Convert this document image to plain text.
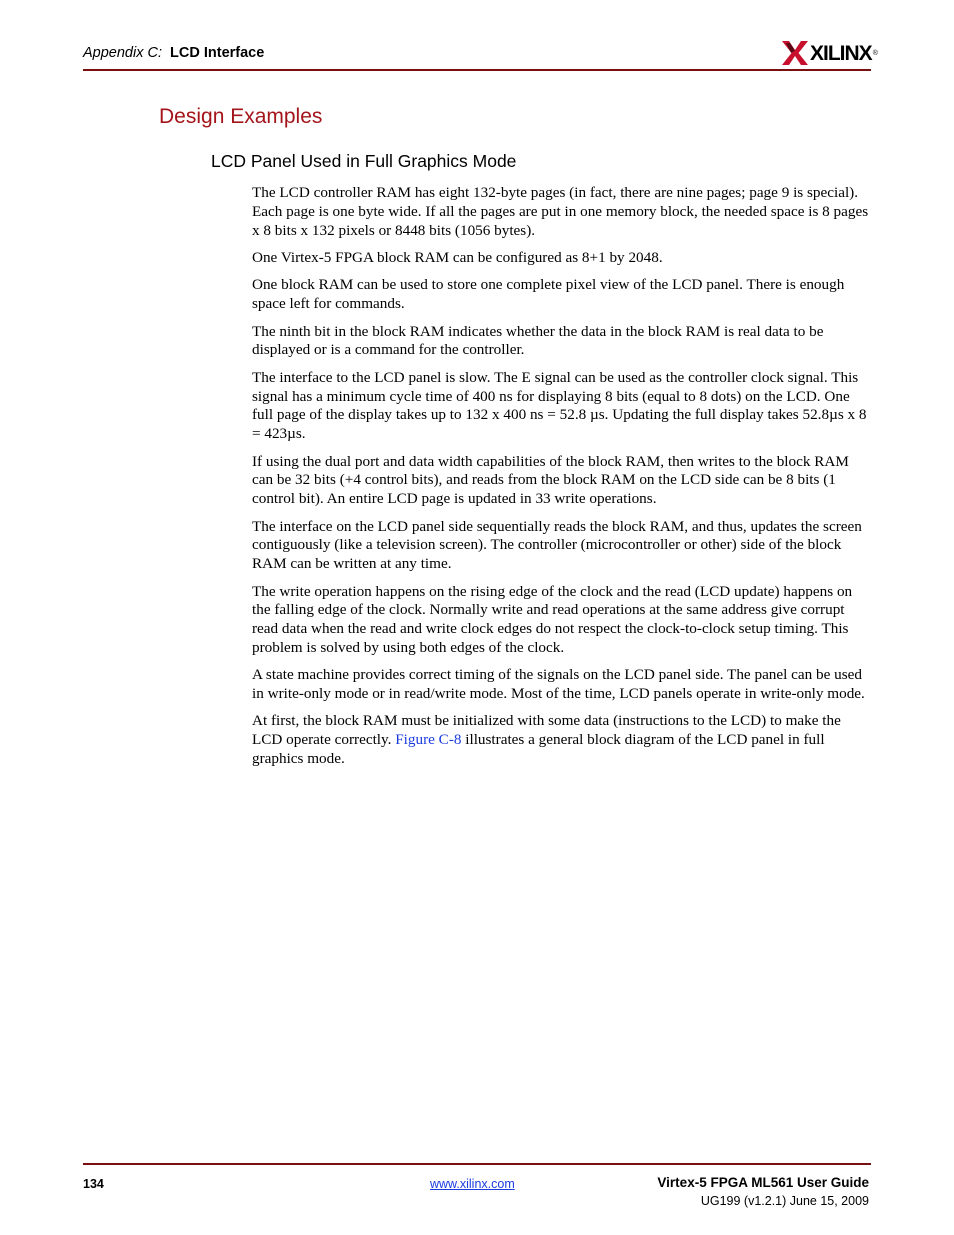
Appendix C: LCD Interface	XILINX ®
Design Examples
LCD Panel Used in Full Graphics Mode

The LCD controller RAM has eight 132-byte pages (in fact, there are nine pages; page 9 is special). Each page is one byte wide. If all the pages are put in one memory block, the needed space is 8 pages x 8 bits x 132 pixels or 8448 bits (1056 bytes).

One Virtex-5 FPGA block RAM can be configured as 8+1 by 2048.

One block RAM can be used to store one complete pixel view of the LCD panel. There is enough space left for commands.

The ninth bit in the block RAM indicates whether the data in the block RAM is real data to be displayed or is a command for the controller.

The interface to the LCD panel is slow. The E signal can be used as the controller clock signal. This signal has a minimum cycle time of 400 ns for displaying 8 bits (equal to 8 dots) on the LCD. One full page of the display takes up to 132 x 400 ns = 52.8 µs. Updating the full display takes 52.8µs x 8 = 423µs.

If using the dual port and data width capabilities of the block RAM, then writes to the block RAM can be 32 bits (+4 control bits), and reads from the block RAM on the LCD side can be 8 bits (1 control bit). An entire LCD page is updated in 33 write operations.

The interface on the LCD panel side sequentially reads the block RAM, and thus, updates the screen contiguously (like a television screen). The controller (microcontroller or other) side of the block RAM can be written at any time.

The write operation happens on the rising edge of the clock and the read (LCD update) happens on the falling edge of the clock. Normally write and read operations at the same address give corrupt read data when the read and write clock edges do not respect the clock-to-clock setup timing. This problem is solved by using both edges of the clock.

A state machine provides correct timing of the signals on the LCD panel side. The panel can be used in write-only mode or in read/write mode. Most of the time, LCD panels operate in write-only mode.

At first, the block RAM must be initialized with some data (instructions to the LCD) to make the LCD operate correctly. Figure C-8 illustrates a general block diagram of the LCD panel in full graphics mode.

134	www.xilinx.com	Virtex-5 FPGA ML561 User Guide
UG199 (v1.2.1) June 15, 2009
